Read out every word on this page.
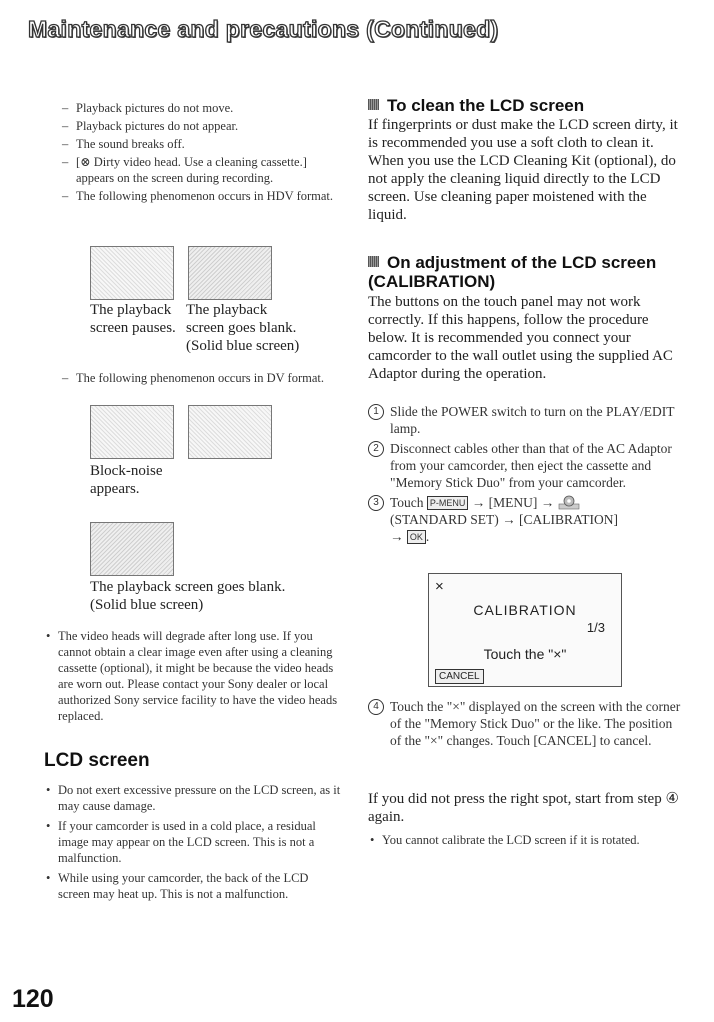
Maintenance and precautions (Continued)
– Playback pictures do not move.
– Playback pictures do not appear.
– The sound breaks off.
– [⊗ Dirty video head. Use a cleaning cassette.] appears on the screen during recording.
– The following phenomenon occurs in HDV format.
The playback screen pauses.
The playback screen goes blank. (Solid blue screen)
– The following phenomenon occurs in DV format.
Block-noise appears.
The playback screen goes blank. (Solid blue screen)
• The video heads will degrade after long use. If you cannot obtain a clear image even after using a cleaning cassette (optional), it might be because the video heads are worn out. Please contact your Sony dealer or local authorized Sony service facility to have the video heads replaced.
LCD screen
• Do not exert excessive pressure on the LCD screen, as it may cause damage.
• If your camcorder is used in a cold place, a residual image may appear on the LCD screen. This is not a malfunction.
• While using your camcorder, the back of the LCD screen may heat up. This is not a malfunction.
To clean the LCD screen
If fingerprints or dust make the LCD screen dirty, it is recommended you use a soft cloth to clean it. When you use the LCD Cleaning Kit (optional), do not apply the cleaning liquid directly to the LCD screen. Use cleaning paper moistened with the liquid.
On adjustment of the LCD screen
(CALIBRATION)
The buttons on the touch panel may not work correctly. If this happens, follow the procedure below. It is recommended you connect your camcorder to the wall outlet using the supplied AC Adaptor during the operation.
1 Slide the POWER switch to turn on the PLAY/EDIT lamp.
2 Disconnect cables other than that of the AC Adaptor from your camcorder, then eject the cassette and "Memory Stick Duo" from your camcorder.
3 Touch P-MENU → [MENU] →
(STANDARD SET) → [CALIBRATION]
→ OK .
×
CALIBRATION
1/3
Touch the "×"
CANCEL
4 Touch the "×" displayed on the screen with the corner of the "Memory Stick Duo" or the like. The position of the "×" changes. Touch [CANCEL] to cancel.
If you did not press the right spot, start from step ④ again.
• You cannot calibrate the LCD screen if it is rotated.
120
